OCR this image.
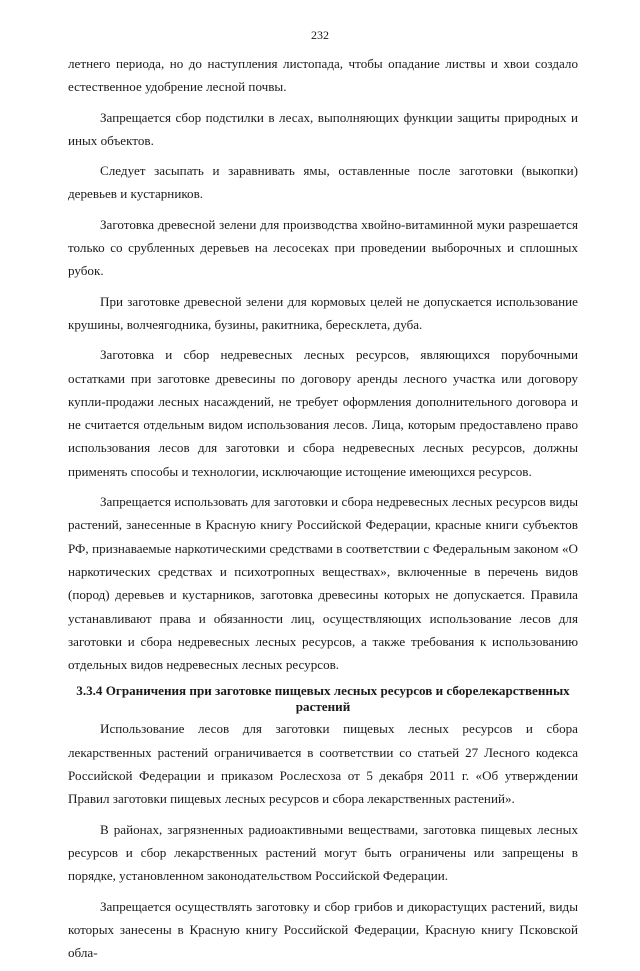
232

летнего периода, но до наступления листопада, чтобы опадание листвы и хвои создало естественное удобрение лесной почвы.

Запрещается сбор подстилки в лесах, выполняющих функции защиты природных и иных объектов.

Следует засыпать и заравнивать ямы, оставленные после заготовки (выкопки) деревьев и кустарников.

Заготовка древесной зелени для производства хвойно-витаминной муки разрешается только со срубленных деревьев на лесосеках при проведении выборочных и сплошных рубок.

При заготовке древесной зелени для кормовых целей не допускается использование крушины, волчеягодника, бузины, ракитника, бересклета, дуба.

Заготовка и сбор недревесных лесных ресурсов, являющихся порубочными остатками при заготовке древесины по договору аренды лесного участка или договору купли-продажи лесных насаждений, не требует оформления дополнительного договора и не считается отдельным видом использования лесов. Лица, которым предоставлено право использования лесов для заготовки и сбора недревесных лесных ресурсов, должны применять способы и технологии, исключающие истощение имеющихся ресурсов.

Запрещается использовать для заготовки и сбора недревесных лесных ресурсов виды растений, занесенные в Красную книгу Российской Федерации, красные книги субъектов РФ, признаваемые наркотическими средствами в соответствии с Федеральным законом «О наркотических средствах и психотропных веществах», включенные в перечень видов (пород) деревьев и кустарников, заготовка древесины которых не допускается. Правила устанавливают права и обязанности лиц, осуществляющих использование лесов для заготовки и сбора недревесных лесных ресурсов, а также требования к использованию отдельных видов недревесных лесных ресурсов.

3.3.4 Ограничения при заготовке пищевых лесных ресурсов и сборелекарственных растений

Использование лесов для заготовки пищевых лесных ресурсов и сбора лекарственных растений ограничивается в соответствии со статьей 27 Лесного кодекса Российской Федерации и приказом Рослесхоза от 5 декабря 2011 г. «Об утверждении Правил заготовки пищевых лесных ресурсов и сбора лекарственных растений».

В районах, загрязненных радиоактивными веществами, заготовка пищевых лесных ресурсов и сбор лекарственных растений могут быть ограничены или запрещены в порядке, установленном законодательством Российской Федерации.

Запрещается осуществлять заготовку и сбор грибов и дикорастущих растений, виды которых занесены в Красную книгу Российской Федерации, Красную книгу Псковской обла-
